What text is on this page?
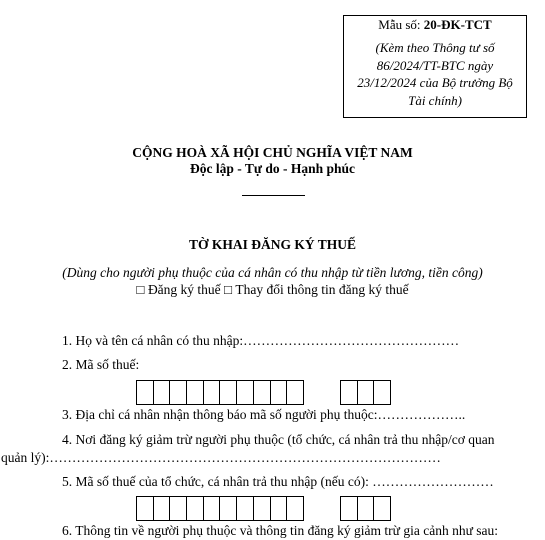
Mẫu số: 20-ĐK-TCT
(Kèm theo Thông tư số
86/2024/TT-BTC ngày
23/12/2024 của Bộ trưởng Bộ
Tài chính)
CỘNG HOÀ XÃ HỘI CHỦ NGHĨA VIỆT NAM
Độc lập - Tự do - Hạnh phúc
TỜ KHAI ĐĂNG KÝ THUẾ
(Dùng cho người phụ thuộc của cá nhân có thu nhập từ tiền lương, tiền công)
□ Đăng ký thuế □ Thay đổi thông tin đăng ký thuế
1. Họ và tên cá nhân có thu nhập:…………………………………………
2. Mã số thuế:
3. Địa chỉ cá nhân nhận thông báo mã số người phụ thuộc:………………..
4. Nơi đăng ký giảm trừ người phụ thuộc (tổ chức, cá nhân trả thu nhập/cơ quan
quản lý):……………………………………………………………………………
5. Mã số thuế của tổ chức, cá nhân trả thu nhập (nếu có): ………………………
6. Thông tin về người phụ thuộc và thông tin đăng ký giảm trừ gia cảnh như sau:
